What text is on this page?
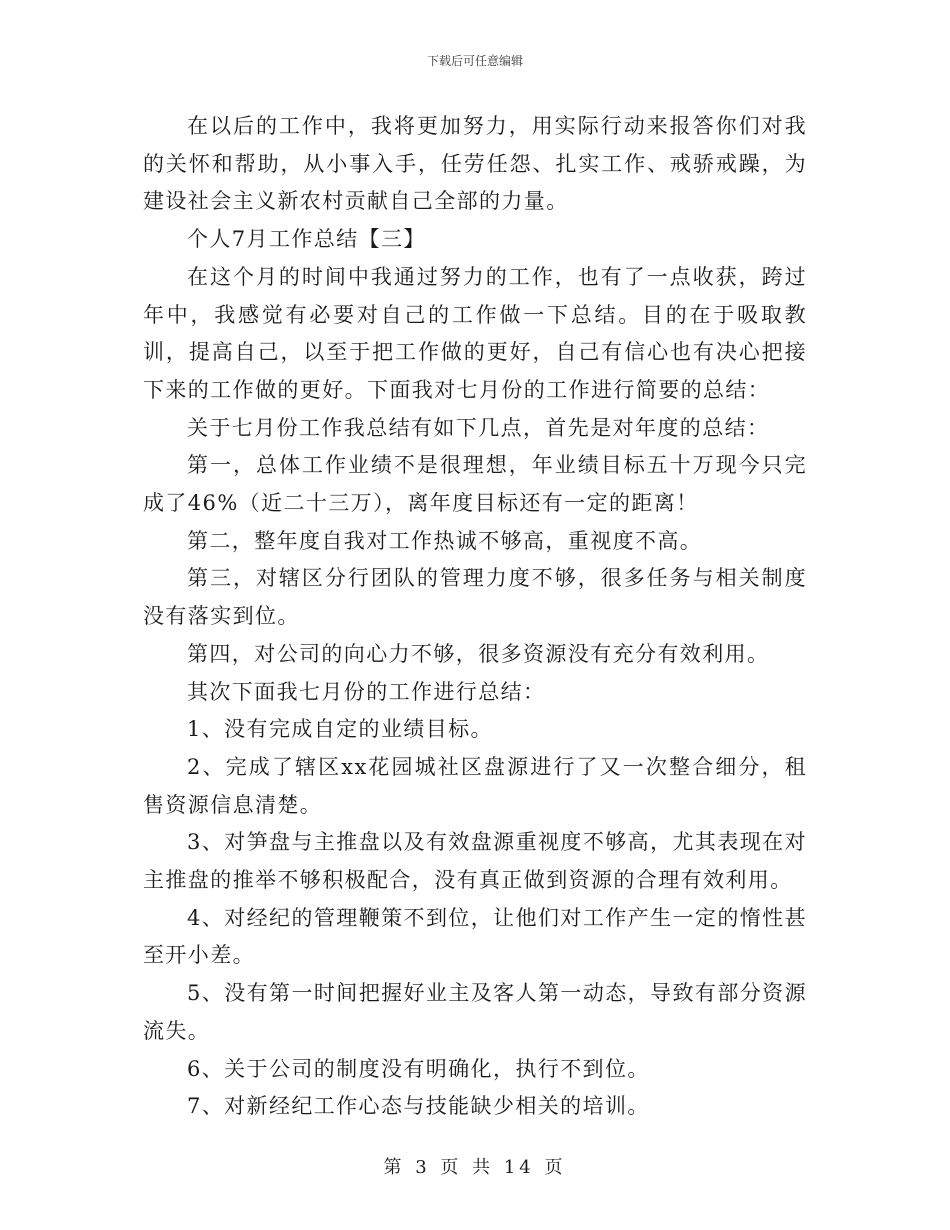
下载后可任意编辑

在以后的工作中，我将更加努力，用实际行动来报答你们对我的关怀和帮助，从小事入手，任劳任怨、扎实工作、戒骄戒躁，为建设社会主义新农村贡献自己全部的力量。

个人7月工作总结【三】

在这个月的时间中我通过努力的工作，也有了一点收获，跨过年中，我感觉有必要对自己的工作做一下总结。目的在于吸取教训，提高自己，以至于把工作做的更好，自己有信心也有决心把接下来的工作做的更好。下面我对七月份的工作进行简要的总结：

关于七月份工作我总结有如下几点，首先是对年度的总结：

第一，总体工作业绩不是很理想，年业绩目标五十万现今只完成了46%（近二十三万），离年度目标还有一定的距离！

第二，整年度自我对工作热诚不够高，重视度不高。

第三，对辖区分行团队的管理力度不够，很多任务与相关制度没有落实到位。

第四，对公司的向心力不够，很多资源没有充分有效利用。

其次下面我七月份的工作进行总结：

1、没有完成自定的业绩目标。

2、完成了辖区xx花园城社区盘源进行了又一次整合细分，租售资源信息清楚。

3、对笋盘与主推盘以及有效盘源重视度不够高，尤其表现在对主推盘的推举不够积极配合，没有真正做到资源的合理有效利用。

4、对经纪的管理鞭策不到位，让他们对工作产生一定的惰性甚至开小差。

5、没有第一时间把握好业主及客人第一动态，导致有部分资源流失。

6、关于公司的制度没有明确化，执行不到位。

7、对新经纪工作心态与技能缺少相关的培训。

第 3 页 共 14 页
